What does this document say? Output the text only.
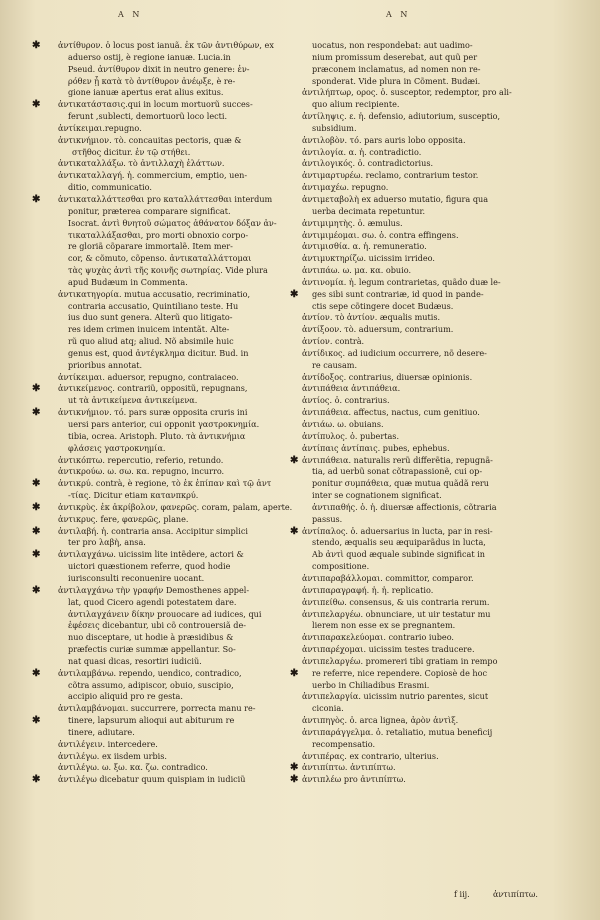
A N	A N
✱ ἀντίθυρον. ὁ locus post ianuã. ἐκ τῶν ἀντιθύρων, ex
aduerso ostij, è regione ianuæ. Lucia.in
Pseud. ἀντίθυρον dixit in neutro genere: ἐν-
ρόθεν ᾗ κατὰ τὸ ἀντίθυρον ἀνέῳξε, è re-
gione ianuæ apertus erat alius exitus.
✱ ἀντικατάστασις.qui in locum mortuorũ succes-
ferunt ,subleсti, demortuorũ loco lecti.
ἀντίκειμαι.repugno.
ἀντικνήμιον. τὸ. concauitas pectoris, quæ &
στῆθος dicitur. ἐν τῷ στήθει.
ἀντικαταλλάξω. τὸ ἀντιλλαχὴ ἐλάττων.
ἀντικαταλλαγή. ἡ. commercium, emptio, uen-
ditio, communicatio.
✱ ἀντικαταλλάττεσθαι pro καταλλάττεσθαι interdum
ponitur, præterea comparare significat.
Isocrat. ἀντὶ θνητοῦ σώματος ἀθάνατον δόξαν ἀν-
τικαταλλάξασθαι, pro morti obnoxio corpo-
re gloriã cõparare immortalẽ. Item mer-
cor, & cõmuto, cõpenso. ἀντικαταλλάττομαι
τὰς ψυχὰς ἀντὶ τῆς κοινῆς σωτηρίας. Vide plura
apud Budæum in Commenta.
ἀντικατηγορία. mutua accusatio, recriminatio,
contraria accusatio, Quintiliano teste. Hu
ius duo sunt genera. Alterũ quo litigato-
res idem crimen inuicem intentãt. Alte-
rũ quo aliud atq; aliud. Nõ absimile huic
genus est, quod ἀντέγκλημα dicitur. Bud. in
prioribus annotat.
ἀντίκειμαι. aduersor, repugno, contraiaceo.
✱ ἀντικείμενος. contrariũ, oppositũ, repugnans,
ut τὰ ἀντικείμενα ἀντικείμενα.
✱ ἀντικνήμιον. τό. pars suræ opposita cruris ini
uersi pars anterior, cui opponit γαστροκνημία.
tibia, ocrea. Aristoph. Pluto. τὰ ἀντικνήμια
φλάσεις γαστροκνημία.
ἀντικόπτω. repercutio, referio, retundo.
ἀντικρούω. ω. σω. κα. repugno, incurro.
✱ ἀντικρύ. contrà, è regione, τὸ ἐκ ἐπίπαν καὶ τῷ ἀντ
-τίας. Dicitur etiam κατανπκρύ.
✱ ἀντικρὺς. ἐκ ἀκρίβολον, φανερῶς. coram, palam, aperte.
ἀντικρυς. fere, φανερῶς, plane.
✱ ἀντιλαβή. ἡ. contraria ansa. Accipitur simplici
ter pro λαβὴ, ansa.
✱ ἀντιλαγχάνω. uicissim lite intẽdere, actori &
uictori quæstionem referre, quod hodie
iurisconsulti reconuenire uocant.
✱ ἀντιλαγχάνω τὴν γραφήν Demosthenes appel-
lat, quod Cicero agendi potestatem dare.
ἀντιλαγχάνειν δίκην prouocare ad iudices, qui
ἐφέσεις dicebantur, ubi cõ controuersiã de-
nuo disceptare, ut hodie à præsidibus &
præfectis curiæ summæ appellantur. So-
nat quasi dicas, resortiri iudiciũ.
✱ ἀντιλαμβάνω. rependo, uendico, contradico,
cõtra assumo, adipiscor, obuio, suscipio,
accipio aliquid pro re gesta.
ἀντιλαμβάνομαι. succurrere, porrecta manu re-
✱	tinere, lapsurum alioqui aut abiturum re
tinere, adiutare.
ἀντιλέγειν. intercedere.
ἀντιλέγω. ex iisdem urbis.
ἀντιλέγω. ω. ξω. κα. ζω. contradico.
✱ ἀντιλέγω dicebatur quum quispiam in iudiciũ
uocatus, non respondebat: aut uadimo-
nium promissum deserebat, aut quũ per
præconem inclamatus, ad nomen non re-
sponderat. Vide plura in Cõment. Budæi.
ἀντιλήπτωρ, ορος. ὁ. susceptor, redemptor, pro ali-
quo alium recipiente.
ἀντίληψις. ε. ἡ. defensio, adiutorium, susceptio,
subsidium.
ἀντιλοβὸν. τό. pars auris lobo opposita.
ἀντιλογία. α. ἡ. contradictio.
ἀντιλογικός. ὁ. contradictorius.
ἀντιμαρτυρέω. reclamo, contrarium testor.
ἀντιμαχέω. repugno.
ἀντιμεταβολὴ ex aduerso mutatio, figura qua
uerba decimata repetuntur.
ἀντιμιμητὴς. ὁ. æmulus.
ἀντιμιμέομαι. σω. ὁ. contra effingens.
ἀντιμισθία. α. ἡ. remuneratio.
ἀντιμυκτηρίζω. uicissim irrideo.
ἀντιπάω. ω. μα. κα. obuio.
ἀντινομία. ἡ. legum contrarietas, quãdo duæ le-
✱ ges sibi sunt contrariæ, id quod in pande-
ctis sepe cõtingere docet Budæus.
ἀντίον. τὸ ἀντίον. æqualis mutis.
ἀντίξοον. τὸ. aduersum, contrarium.
ἀντίον. contrà.
ἀντίδικος. ad iudicium occurrere, nõ desere-
re causam.
ἀντίδοξος. contrarius, diuersæ opinionis.
ἀντιπάθεια ἀντιπάθεια.
ἀντίος. ὁ. contrarius.
ἀντιπάθεια. affectus, nactus, cum genitiuo.
ἀντιάω. ω. obuians.
ἀντίπυλος. ὁ. pubertas.
ἀντίπαις ἀντίπαις. pubes, ephebus.
✱ ἀντιπάθεια. naturalis rerũ differẽtia, repugnã-
tia, ad uerbũ sonat cõtrapassionẽ, cui op-
ponitur συμπάθεια, quæ mutua quãdã reru
inter se cognationem significat.
ἀντιπαθής. ὁ. ἡ. diuersæ affectionis, cõtraria
passus.
✱ ἀντίπαλος. ὁ. aduersarius in luсta, par in resi-
stendo, æqualis seu æquiparãdus in lucta,
Ab ἀντὶ quod æquale subinde significat in
compositione.
ἀντιπαραβάλλομαι. committor, comparor.
ἀντιπαραγραφή. ἡ. ἡ. replicatio.
ἀντιπείθω. consensus, & uis contraria rerum.
ἀντιπελαργέω. obnunciare, ut uir testatur mu
lierem non esse ex se pregnantem.
ἀντιπαρακελεύομαι. contrario iubeo.
ἀντιπαρέχομαι. uicissim testes traducere.
ἀντιπελαργέω. promereri tibi gratiam in rempo
✱ re referre, nice rependere. Copiosè de hoc
uerbo in Chiliadibus Erasmi.
ἀντιπελαργία. uicissim nutrio parentes, sicut
ciconia.
ἀντιπηγὸς. ὁ. arca lignea, ἀρὸν ἀντὶξ.
ἀντιπαράγγελμα. ὁ. retaliatio, mutua beneficij
recompensatio.
ἀντιπέρας. ex contrario, ulterius.
✱ ἀντιπίπτω. ἀντιπίπτω.
✱ ἀντιπλέω pro ἀντιπίπτω.
f iij.	ἀντιπίπτω.
